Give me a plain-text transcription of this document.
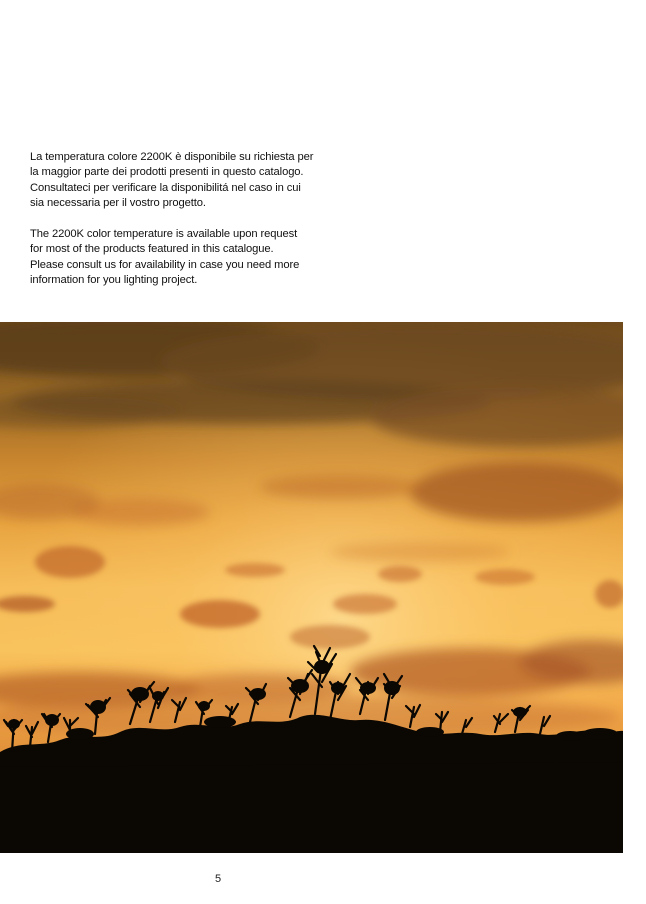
La temperatura colore 2200K è disponibile su richiesta per
la maggior parte dei prodotti presenti in questo catalogo.
Consultateci per verificare la disponibilitá nel caso in cui
sia necessaria per il vostro progetto.

The 2200K color temperature is available upon request
for most of the products featured in this catalogue.
Please consult us for availability in case you need more
information for you lighting project.

5
